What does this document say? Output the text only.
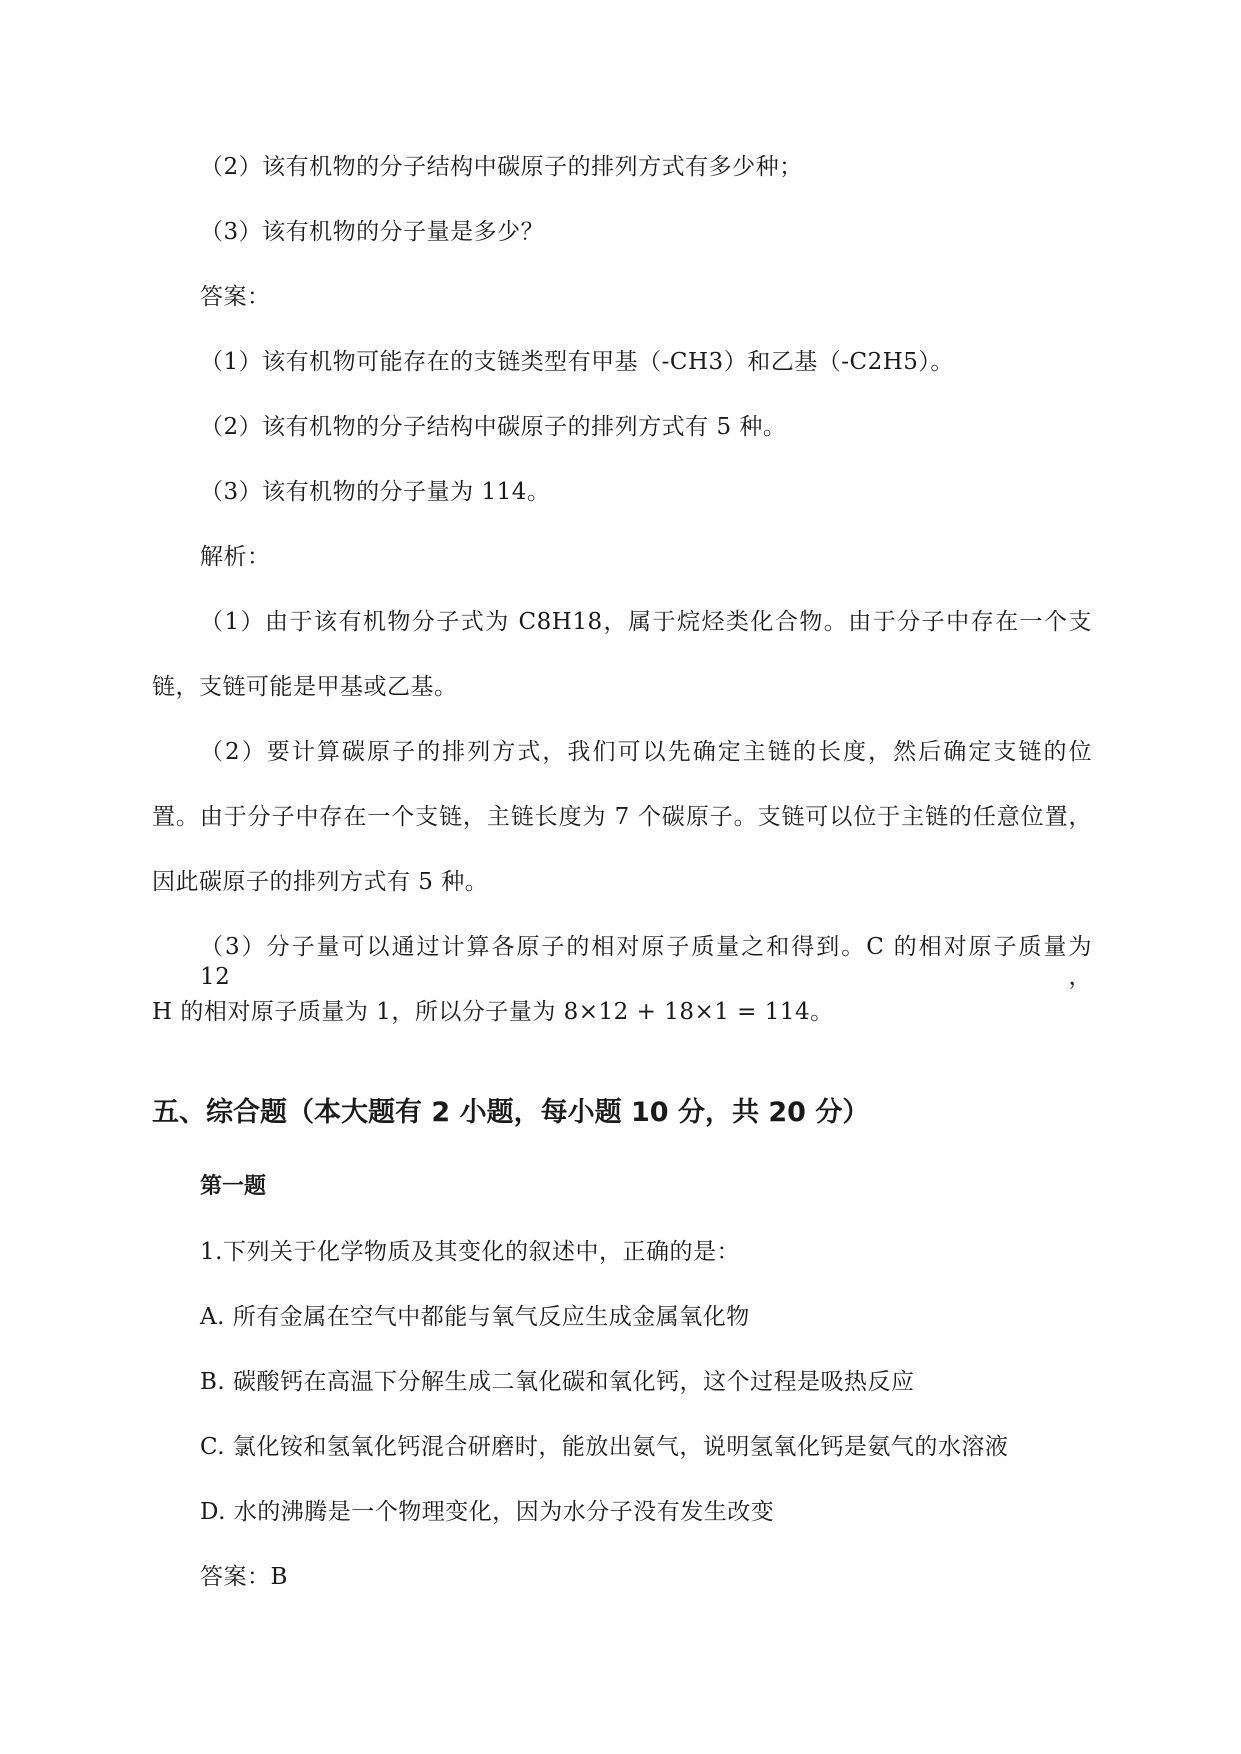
（2）该有机物的分子结构中碳原子的排列方式有多少种；
（3）该有机物的分子量是多少？
答案：
（1）该有机物可能存在的支链类型有甲基（-CH3）和乙基（-C2H5）。
（2）该有机物的分子结构中碳原子的排列方式有 5 种。
（3）该有机物的分子量为 114。
解析：
（1）由于该有机物分子式为 C8H18，属于烷烃类化合物。由于分子中存在一个支
链，支链可能是甲基或乙基。
（2）要计算碳原子的排列方式，我们可以先确定主链的长度，然后确定支链的位
置。由于分子中存在一个支链，主链长度为 7 个碳原子。支链可以位于主链的任意位置，
因此碳原子的排列方式有 5 种。
（3）分子量可以通过计算各原子的相对原子质量之和得到。C 的相对原子质量为 12，
H 的相对原子质量为 1，所以分子量为 8×12 + 18×1 = 114。
五、综合题（本大题有 2 小题，每小题 10 分，共 20 分）
第一题
1.下列关于化学物质及其变化的叙述中，正确的是：
A. 所有金属在空气中都能与氧气反应生成金属氧化物
B. 碳酸钙在高温下分解生成二氧化碳和氧化钙，这个过程是吸热反应
C. 氯化铵和氢氧化钙混合研磨时，能放出氨气，说明氢氧化钙是氨气的水溶液
D. 水的沸腾是一个物理变化，因为水分子没有发生改变
答案：B
